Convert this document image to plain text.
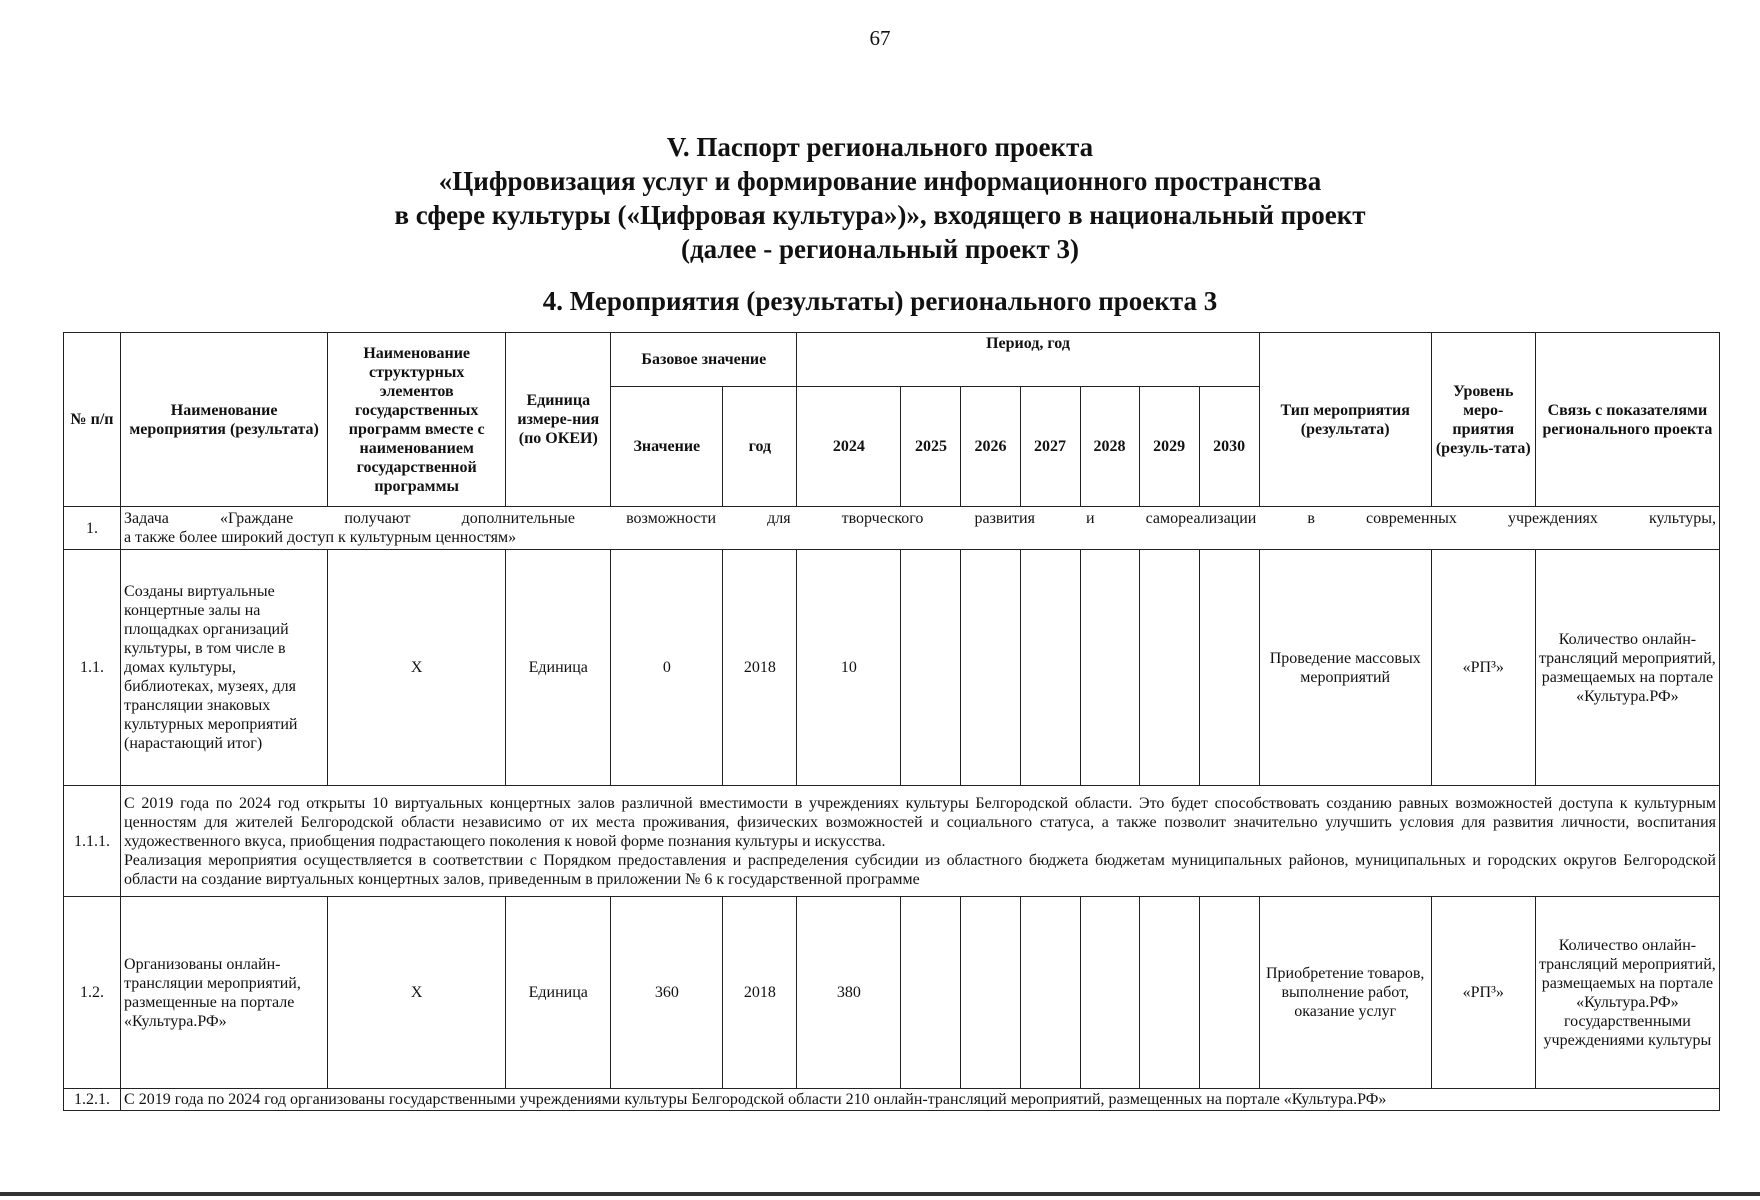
67
V. Паспорт регионального проекта
«Цифровизация услуг и формирование информационного пространства
в сфере культуры («Цифровая культура»)», входящего в национальный проект
(далее - региональный проект 3)
4. Мероприятия (результаты) регионального проекта 3
№ п/п	Наименование мероприятия (результата)	Наименование структурных элементов государственных программ вместе с наименованием государственной программы	Единица измере-ния (по ОКЕИ)	Базовое значение		Период, год							Тип мероприятия (результата)	Уровень меро-приятия (резуль-тата)	Связь с показателями регионального проекта
				Значение	год	2024	2025	2026	2027	2028	2029	2030			
1.	Задача «Граждане получают дополнительные возможности для творческого развития и самореализации в современных учреждениях культуры,
а также более широкий доступ к культурным ценностям»														

1.1.	Созданы виртуальные концертные залы на площадках организаций культуры, в том числе в домах культуры, библиотеках, музеях, для трансляции знаковых культурных мероприятий (нарастающий итог)	Х	Единица	0	2018	10							Проведение массовых мероприятий	«РП³»	Количество онлайн-трансляций мероприятий, размещаемых на портале «Культура.РФ»
1.1.1.	С 2019 года по 2024 год открыты 10 виртуальных концертных залов различной вместимости в учреждениях культуры Белгородской области. Это будет способствовать созданию равных возможностей доступа к культурным ценностям для жителей Белгородской области независимо от их места проживания, физических возможностей и социального статуса, а также позволит значительно улучшить условия для развития личности, воспитания художественного вкуса, приобщения подрастающего поколения к новой форме познания культуры и искусства.
Реализация мероприятия осуществляется в соответствии с Порядком предоставления и распределения субсидии из областного бюджета бюджетам муниципальных районов, муниципальных и городских округов Белгородской области на создание виртуальных концертных залов, приведенным в приложении № 6 к государственной программе														

1.2.	Организованы онлайн-трансляции мероприятий, размещенные на портале «Культура.РФ»	Х	Единица	360	2018	380							Приобретение товаров, выполнение работ, оказание услуг	«РП³»	Количество онлайн-трансляций мероприятий, размещаемых на портале «Культура.РФ» государственными учреждениями культуры
1.2.1.	С 2019 года по 2024 год организованы государственными учреждениями культуры Белгородской области 210 онлайн-трансляций мероприятий, размещенных на портале «Культура.РФ»														
